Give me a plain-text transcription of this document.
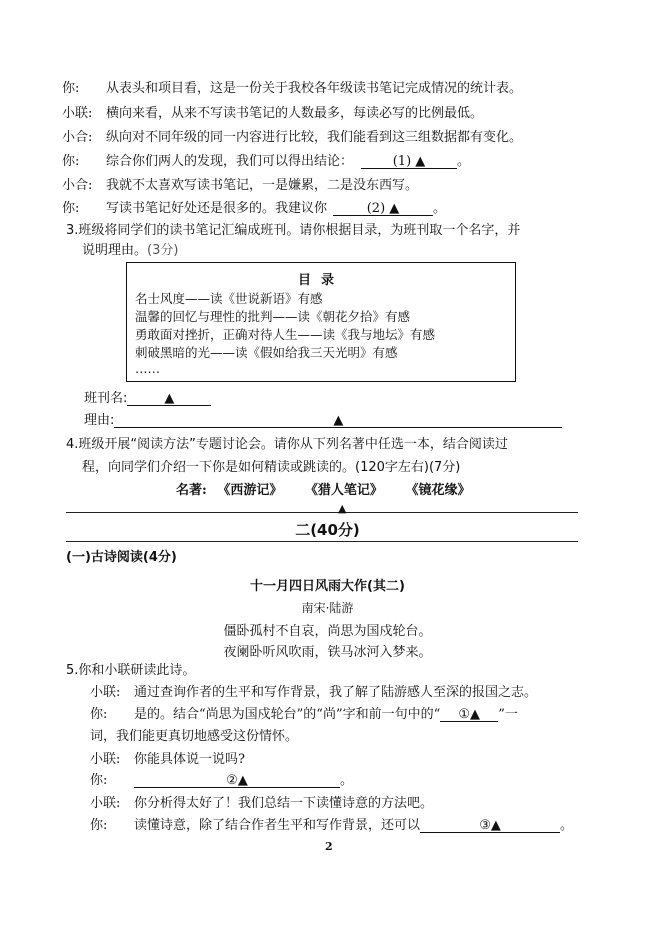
你: 从表头和项目看，这是一份关于我校各年级读书笔记完成情况的统计表。
小联: 横向来看，从来不写读书笔记的人数最多，每读必写的比例最低。
小合: 纵向对不同年级的同一内容进行比较，我们能看到这三组数据都有变化。
你: 综合你们两人的发现，我们可以得出结论：	(1) ▲ 。
小合: 我就不太喜欢写读书笔记，一是嫌累，二是没东西写。
你: 写读书笔记好处还是很多的。我建议你	(2) ▲	。
3.班级将同学们的读书笔记汇编成班刊。请你根据目录，为班刊取一个名字，并
说明理由。(3分)
目录
名士风度——读《世说新语》有感
温馨的回忆与理性的批判——读《朝花夕拾》有感
勇敢面对挫折，正确对待人生——读《我与地坛》有感
刺破黑暗的光——读《假如给我三天光明》有感
……
班刊名:	▲
理由:	▲
4.班级开展“阅读方法”专题讨论会。请你从下列名著中任选一本，结合阅读过
程，向同学们介绍一下你是如何精读或跳读的。(120字左右)(7分)
名著: 《西游记》 《猎人笔记》 《镜花缘》
▲
二(40分)
(一)古诗阅读(4分)
十一月四日风雨大作(其二)
南宋·陆游
僵卧孤村不自哀，尚思为国戍轮台。
夜阑卧听风吹雨，铁马冰河入梦来。
5.你和小联研读此诗。
小联: 通过查询作者的生平和写作背景，我了解了陆游感人至深的报国之志。
你: 是的。结合“尚思为国戍轮台”的“尚”字和前一句中的“ ①▲ ”一
词，我们能更真切地感受这份情怀。
小联: 你能具体说一说吗?
你:	②▲	。
小联: 你分析得太好了！我们总结一下读懂诗意的方法吧。
你: 读懂诗意，除了结合作者生平和写作背景，还可以	③▲	。
2
